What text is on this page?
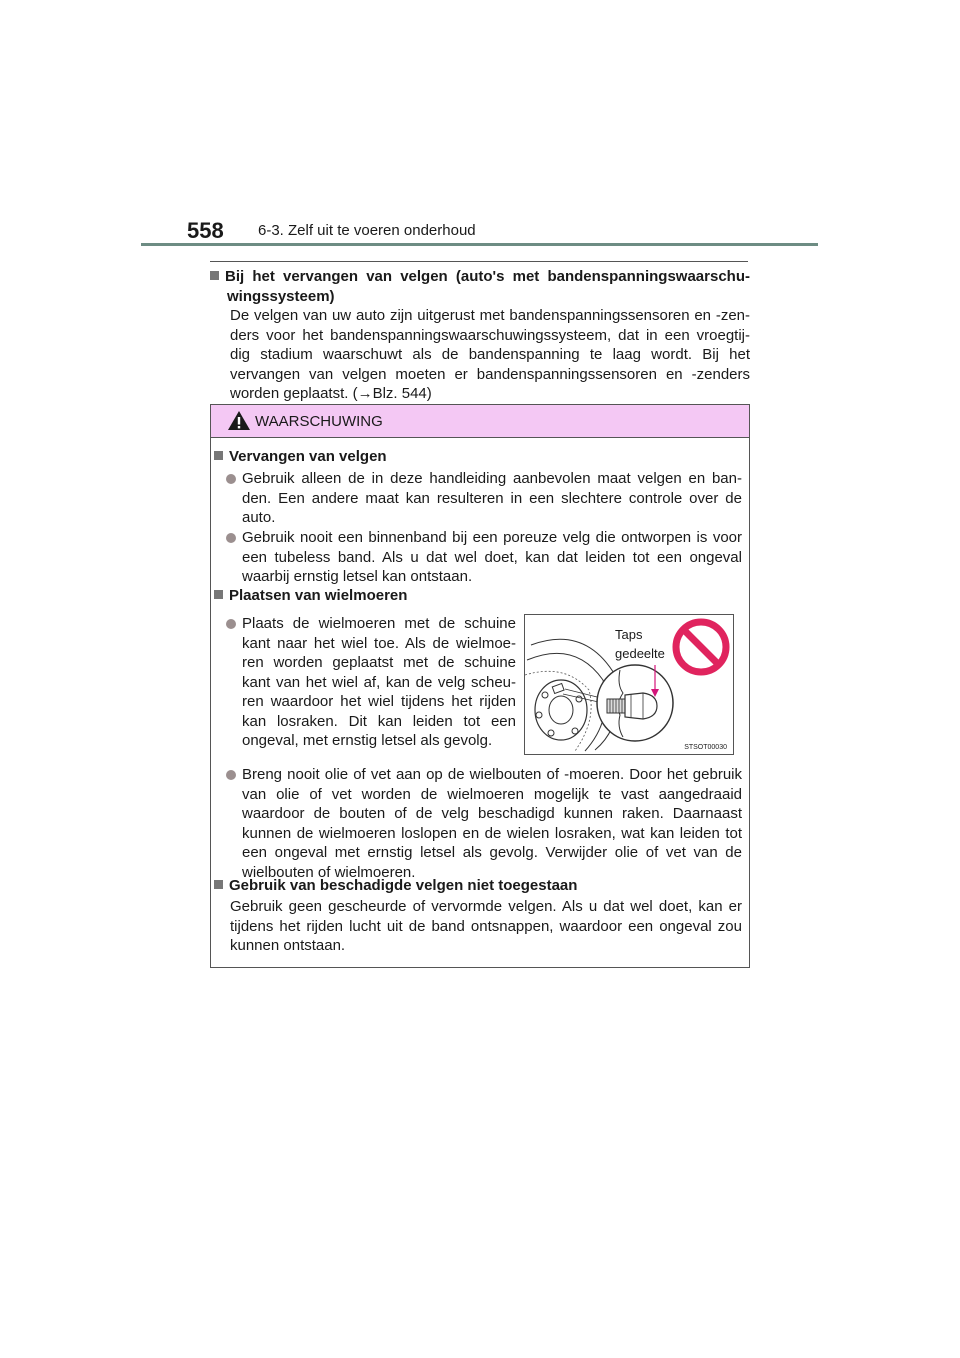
558 6-3. Zelf uit te voeren onderhoud
Bij het vervangen van velgen (auto's met bandenspanningswaarschu-wingssysteem)
De velgen van uw auto zijn uitgerust met bandenspanningssensoren en -zen-ders voor het bandenspanningswaarschuwingssysteem, dat in een vroegtij-dig stadium waarschuwt als de bandenspanning te laag wordt. Bij het vervangen van velgen moeten er bandenspanningssensoren en -zenders worden geplaatst. (→Blz. 544)
WAARSCHUWING
Vervangen van velgen
Gebruik alleen de in deze handleiding aanbevolen maat velgen en ban-den. Een andere maat kan resulteren in een slechtere controle over de auto.
Gebruik nooit een binnenband bij een poreuze velg die ontworpen is voor een tubeless band. Als u dat wel doet, kan dat leiden tot een ongeval waarbij ernstig letsel kan ontstaan.
Plaatsen van wielmoeren
Plaats de wielmoeren met de schuine kant naar het wiel toe. Als de wielmoe-ren worden geplaatst met de schuine kant van het wiel af, kan de velg scheu-ren waardoor het wiel tijdens het rijden kan losraken. Dit kan leiden tot een ongeval, met ernstig letsel als gevolg.
Taps
gedeelte
STSOT00030
Breng nooit olie of vet aan op de wielbouten of -moeren. Door het gebruik van olie of vet worden de wielmoeren mogelijk te vast aangedraaid waardoor de bouten of de velg beschadigd kunnen raken. Daarnaast kunnen de wielmoeren loslopen en de wielen losraken, wat kan leiden tot een ongeval met ernstig letsel als gevolg. Verwijder olie of vet van de wielbouten of wielmoeren.
Gebruik van beschadigde velgen niet toegestaan
Gebruik geen gescheurde of vervormde velgen. Als u dat wel doet, kan er tijdens het rijden lucht uit de band ontsnappen, waardoor een ongeval zou kunnen ontstaan.
